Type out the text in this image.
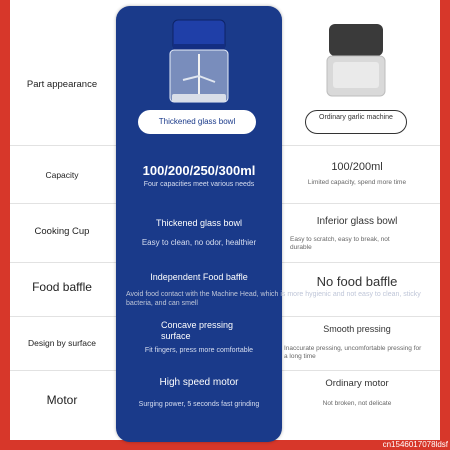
Part appearance
Capacity
Cooking Cup
Food baffle
Design by surface
Motor
Thickened glass bowl
100/200/250/300ml
Four capacities meet various needs
Thickened glass bowl
Easy to clean, no odor, healthier
Independent Food baffle
Concave pressing surface
Fit fingers, press more comfortable
High speed motor
Surging power, 5 seconds fast grinding
Avoid food contact with the Machine Head, which is more hygienic and not easy to clean, sticky bacteria, and can smell
Ordinary garlic machine
100/200ml
Limited capacity, spend more time
Inferior glass bowl
Easy to scratch, easy to break, not durable
No food baffle
Smooth pressing
Inaccurate pressing, uncomfortable pressing for a long time
Ordinary motor
Not broken, not delicate
cn1546017078ldsf
